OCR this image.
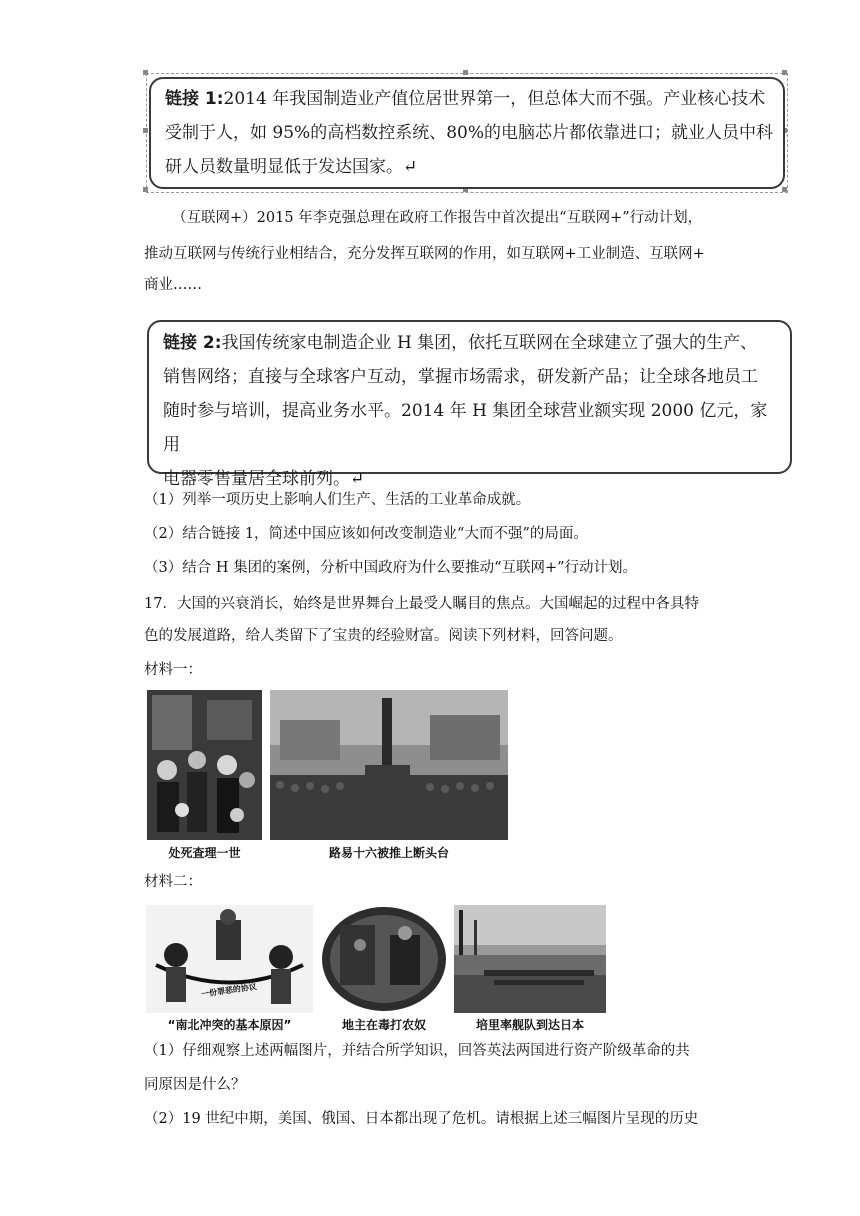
链接 1:2014 年我国制造业产值位居世界第一，但总体大而不强。产业核心技术
受制于人，如 95%的高档数控系统、80%的电脑芯片都依靠进口；就业人员中科
研人员数量明显低于发达国家。↵
（互联网+）2015 年李克强总理在政府工作报告中首次提出“互联网+”行动计划，
推动互联网与传统行业相结合，充分发挥互联网的作用，如互联网+工业制造、互联网+
商业……
链接 2:我国传统家电制造企业 H 集团，依托互联网在全球建立了强大的生产、
销售网络；直接与全球客户互动，掌握市场需求，研发新产品；让全球各地员工
随时参与培训，提高业务水平。2014 年 H 集团全球营业额实现 2000 亿元，家用
电器零售量居全球前列。↵
（1）列举一项历史上影响人们生产、生活的工业革命成就。
（2）结合链接 1，简述中国应该如何改变制造业“大而不强”的局面。
（3）结合 H 集团的案例，分析中国政府为什么要推动“互联网+”行动计划。
17．大国的兴衰消长，始终是世界舞台上最受人瞩目的焦点。大国崛起的过程中各具特
色的发展道路，给人类留下了宝贵的经验财富。阅读下列材料，回答问题。
材料一：
处死查理一世	路易十六被推上断头台
材料二：
一份罪恶的协议
“南北冲突的基本原因”	地主在毒打农奴	培里率舰队到达日本
（1）仔细观察上述两幅图片，并结合所学知识，回答英法两国进行资产阶级革命的共
同原因是什么？
（2）19 世纪中期，美国、俄国、日本都出现了危机。请根据上述三幅图片呈现的历史
